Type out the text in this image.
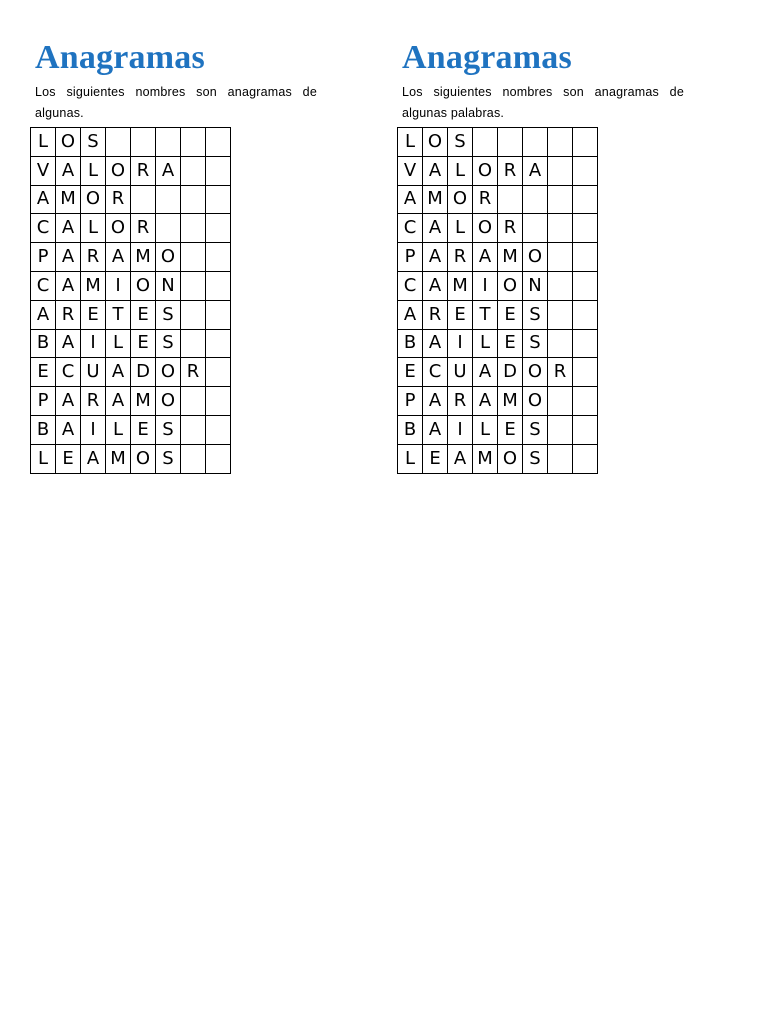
Anagramas
Los siguientes nombres son anagramas de algunas.
L	O	S					
V	A	L	O	R	A		
A	M	O	R				
C	A	L	O	R			
P	A	R	A	M	O		
C	A	M	I	O	N		
A	R	E	T	E	S		
B	A	I	L	E	S		
E	C	U	A	D	O	R	
P	A	R	A	M	O		
B	A	I	L	E	S		
L	E	A	M	O	S		
Anagramas
Los siguientes nombres son anagramas de algunas palabras.
L	O	S					
V	A	L	O	R	A		
A	M	O	R				
C	A	L	O	R			
P	A	R	A	M	O		
C	A	M	I	O	N		
A	R	E	T	E	S		
B	A	I	L	E	S		
E	C	U	A	D	O	R	
P	A	R	A	M	O		
B	A	I	L	E	S		
L	E	A	M	O	S		
